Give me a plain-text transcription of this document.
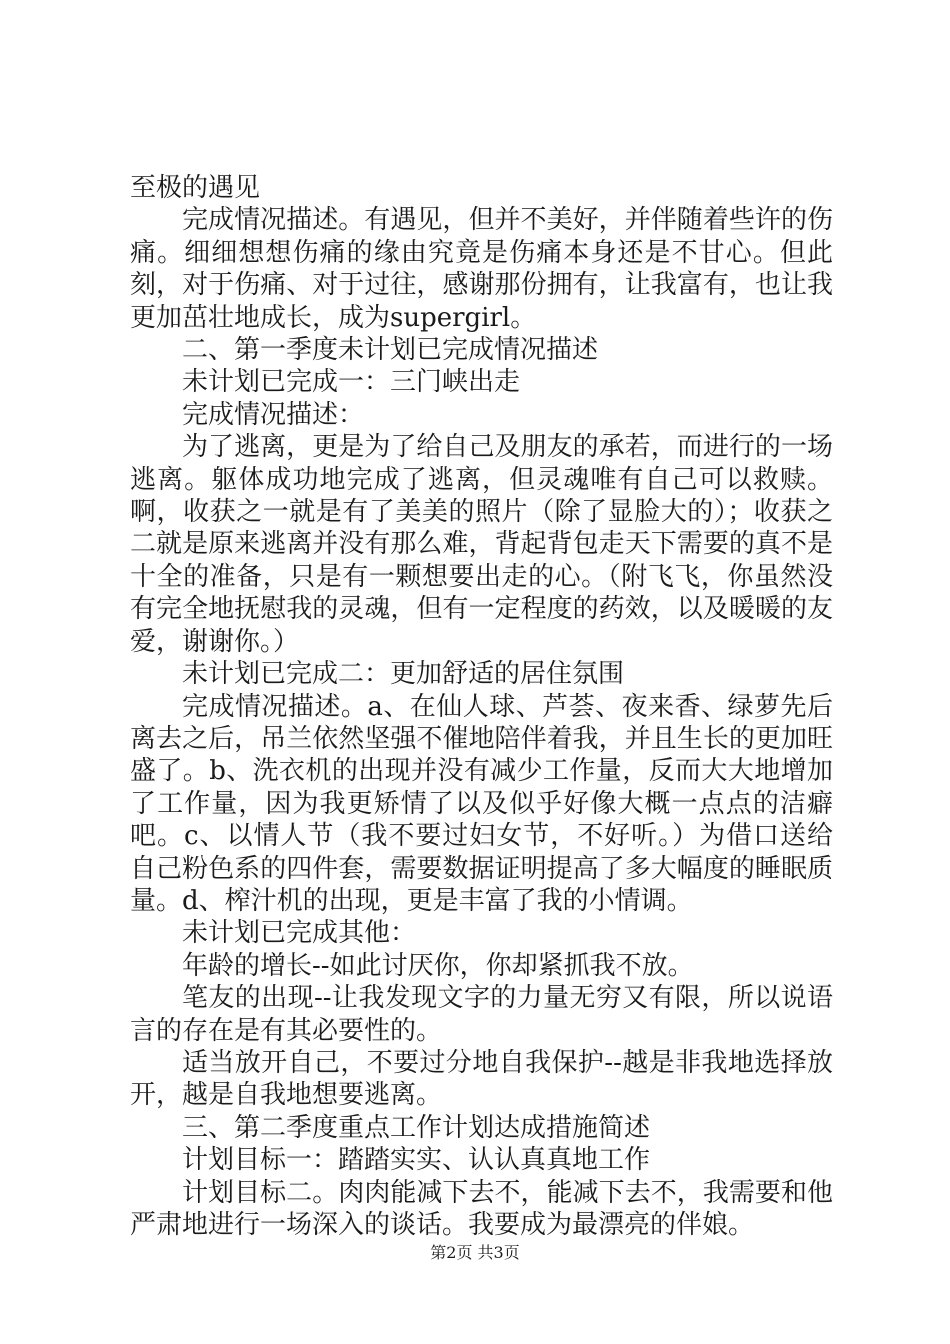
至极的遇见

完成情况描述。有遇见，但并不美好，并伴随着些许的伤痛。细细想想伤痛的缘由究竟是伤痛本身还是不甘心。但此刻，对于伤痛、对于过往，感谢那份拥有，让我富有，也让我更加茁壮地成长，成为supergirl。

二、第一季度未计划已完成情况描述

未计划已完成一：三门峡出走

完成情况描述：

为了逃离，更是为了给自己及朋友的承若，而进行的一场逃离。躯体成功地完成了逃离，但灵魂唯有自己可以救赎。啊，收获之一就是有了美美的照片（除了显脸大的）；收获之二就是原来逃离并没有那么难，背起背包走天下需要的真不是十全的准备，只是有一颗想要出走的心。（附飞飞，你虽然没有完全地抚慰我的灵魂，但有一定程度的药效，以及暖暖的友爱，谢谢你。）

未计划已完成二：更加舒适的居住氛围

完成情况描述。a、在仙人球、芦荟、夜来香、绿萝先后离去之后，吊兰依然坚强不催地陪伴着我，并且生长的更加旺盛了。b、洗衣机的出现并没有减少工作量，反而大大地增加了工作量，因为我更矫情了以及似乎好像大概一点点的洁癖吧。c、以情人节（我不要过妇女节，不好听。）为借口送给自己粉色系的四件套，需要数据证明提高了多大幅度的睡眠质量。d、榨汁机的出现，更是丰富了我的小情调。

未计划已完成其他：

年龄的增长--如此讨厌你，你却紧抓我不放。

笔友的出现--让我发现文字的力量无穷又有限，所以说语言的存在是有其必要性的。

适当放开自己，不要过分地自我保护--越是非我地选择放开，越是自我地想要逃离。

三、第二季度重点工作计划达成措施简述

计划目标一：踏踏实实、认认真真地工作

计划目标二。肉肉能减下去不，能减下去不，我需要和他严肃地进行一场深入的谈话。我要成为最漂亮的伴娘。

第2页 共3页
